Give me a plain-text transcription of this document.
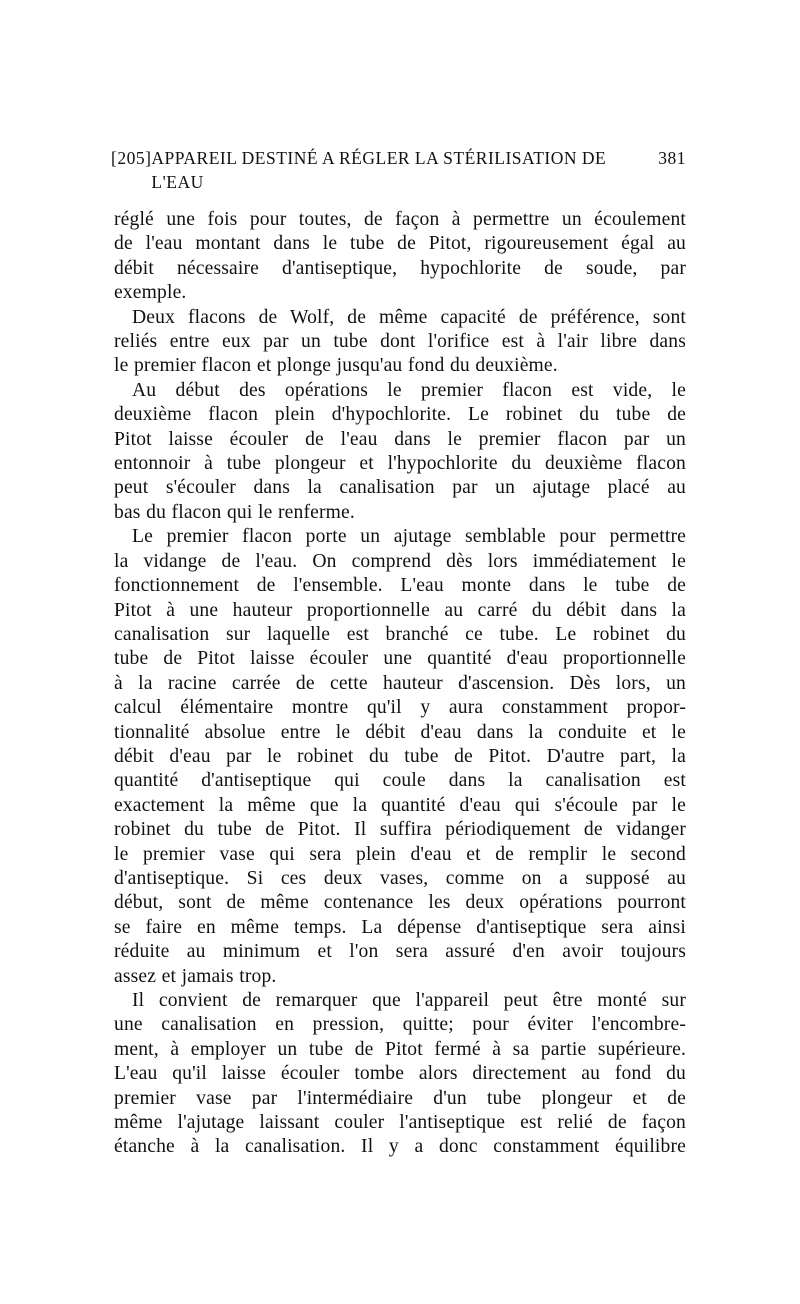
[205] APPAREIL DESTINÉ A RÉGLER LA STÉRILISATION DE L'EAU
381

réglé une fois pour toutes, de façon à permettre un écoulement
de l'eau montant dans le tube de Pitot, rigoureusement égal au
débit nécessaire d'antiseptique, hypochlorite de soude, par
exemple.

Deux flacons de Wolf, de même capacité de préférence, sont
reliés entre eux par un tube dont l'orifice est à l'air libre dans
le premier flacon et plonge jusqu'au fond du deuxième.

Au début des opérations le premier flacon est vide, le
deuxième flacon plein d'hypochlorite. Le robinet du tube de
Pitot laisse écouler de l'eau dans le premier flacon par un
entonnoir à tube plongeur et l'hypochlorite du deuxième flacon
peut s'écouler dans la canalisation par un ajutage placé au
bas du flacon qui le renferme.

Le premier flacon porte un ajutage semblable pour permettre
la vidange de l'eau. On comprend dès lors immédiatement le
fonctionnement de l'ensemble. L'eau monte dans le tube de
Pitot à une hauteur proportionnelle au carré du débit dans la
canalisation sur laquelle est branché ce tube. Le robinet du
tube de Pitot laisse écouler une quantité d'eau proportionnelle
à la racine carrée de cette hauteur d'ascension. Dès lors, un
calcul élémentaire montre qu'il y aura constamment propor-
tionnalité absolue entre le débit d'eau dans la conduite et le
débit d'eau par le robinet du tube de Pitot. D'autre part, la
quantité d'antiseptique qui coule dans la canalisation est
exactement la même que la quantité d'eau qui s'écoule par le
robinet du tube de Pitot. Il suffira périodiquement de vidanger
le premier vase qui sera plein d'eau et de remplir le second
d'antiseptique. Si ces deux vases, comme on a supposé au
début, sont de même contenance les deux opérations pourront
se faire en même temps. La dépense d'antiseptique sera ainsi
réduite au minimum et l'on sera assuré d'en avoir toujours
assez et jamais trop.

Il convient de remarquer que l'appareil peut être monté sur
une canalisation en pression, quitte; pour éviter l'encombre-
ment, à employer un tube de Pitot fermé à sa partie supérieure.
L'eau qu'il laisse écouler tombe alors directement au fond du
premier vase par l'intermédiaire d'un tube plongeur et de
même l'ajutage laissant couler l'antiseptique est relié de façon
étanche à la canalisation. Il y a donc constamment équilibre
